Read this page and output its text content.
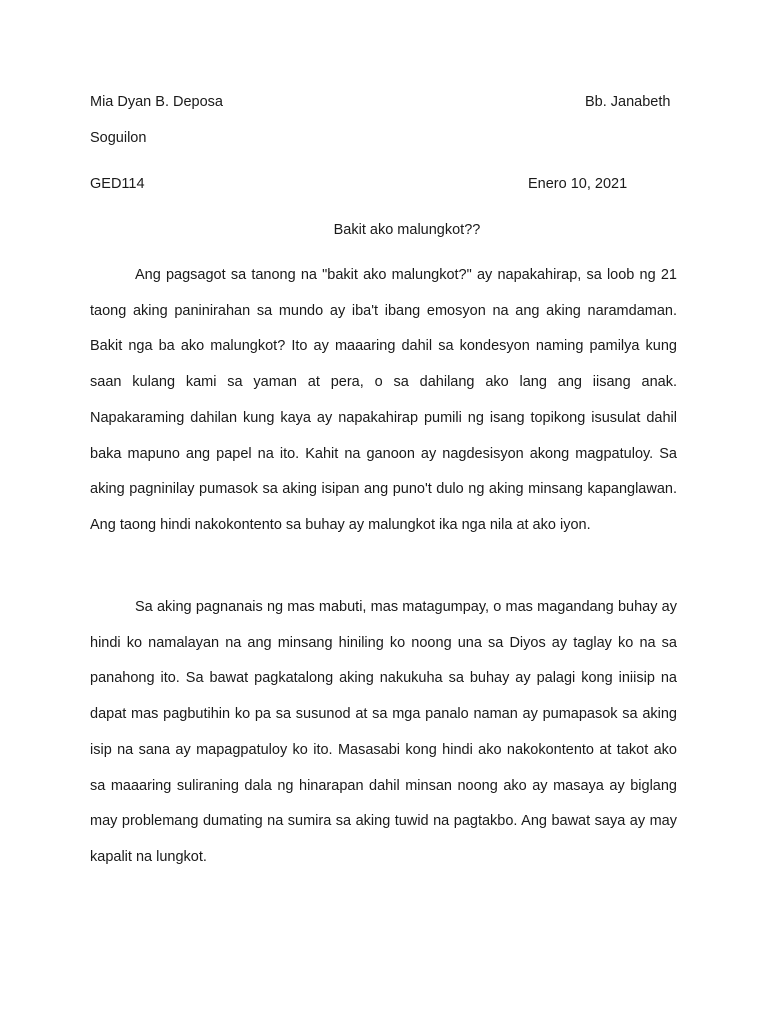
Mia Dyan B. Deposa	Bb. Janabeth
Soguilon
GED114	Enero 10, 2021
Bakit ako malungkot??

Ang pagsagot sa tanong na "bakit ako malungkot?" ay napakahirap, sa loob ng 21 taong aking paninirahan sa mundo ay iba't ibang emosyon na ang aking naramdaman. Bakit nga ba ako malungkot? Ito ay maaaring dahil sa kondesyon naming pamilya kung saan kulang kami sa yaman at pera, o sa dahilang ako lang ang iisang anak. Napakaraming dahilan kung kaya ay napakahirap pumili ng isang topikong isusulat dahil baka mapuno ang papel na ito. Kahit na ganoon ay nagdesisyon akong magpatuloy. Sa aking pagninilay pumasok sa aking isipan ang puno't dulo ng aking minsang kapanglawan. Ang taong hindi nakokontento sa buhay ay malungkot ika nga nila at ako iyon.

Sa aking pagnanais ng mas mabuti, mas matagumpay, o mas magandang buhay ay hindi ko namalayan na ang minsang hiniling ko noong una sa Diyos ay taglay ko na sa panahong ito. Sa bawat pagkatalong aking nakukuha sa buhay ay palagi kong iniisip na dapat mas pagbutihin ko pa sa susunod at sa mga panalo naman ay pumapasok sa aking isip na sana ay mapagpatuloy ko ito. Masasabi kong hindi ako nakokontento at takot ako sa maaaring suliraning dala ng hinarapan dahil minsan noong ako ay masaya ay biglang may problemang dumating na sumira sa aking tuwid na pagtakbo. Ang bawat saya ay may kapalit na lungkot.
